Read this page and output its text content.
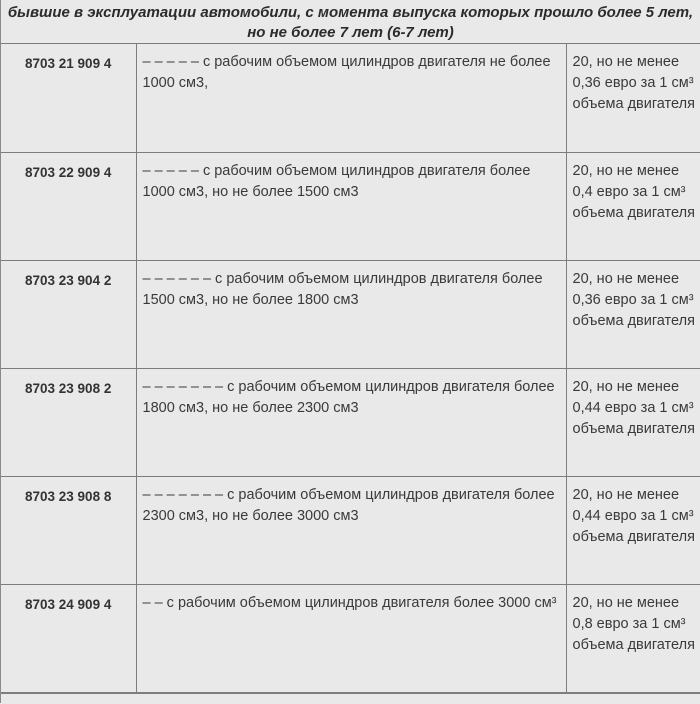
бывшие в эксплуатации автомобили, с момента выпуска которых прошло более 5 лет, но не более 7 лет (6-7 лет)
8703 21 909 4	– – – – – с рабочим объемом цилиндров двигателя не более 1000 см3,	20, но не менее 0,36 евро за 1 см³ объема двигателя
8703 22 909 4	– – – – – с рабочим объемом цилиндров двигателя более 1000 см3, но не более 1500 см3	20, но не менее 0,4 евро за 1 см³ объема двигателя
8703 23 904 2	– – – – – – с рабочим объемом цилиндров двигателя более 1500 см3, но не более 1800 см3	20, но не менее 0,36 евро за 1 см³ объема двигателя
8703 23 908 2	– – – – – – – с рабочим объемом цилиндров двигателя более 1800 см3, но не более 2300 см3	20, но не менее 0,44 евро за 1 см³ объема двигателя
8703 23 908 8	– – – – – – – с рабочим объемом цилиндров двигателя более 2300 см3, но не более 3000 см3	20, но не менее 0,44 евро за 1 см³ объема двигателя
8703 24 909 4	– – с рабочим объемом цилиндров двигателя более 3000 см³	20, но не менее 0,8 евро за 1 см³ объема двигателя
